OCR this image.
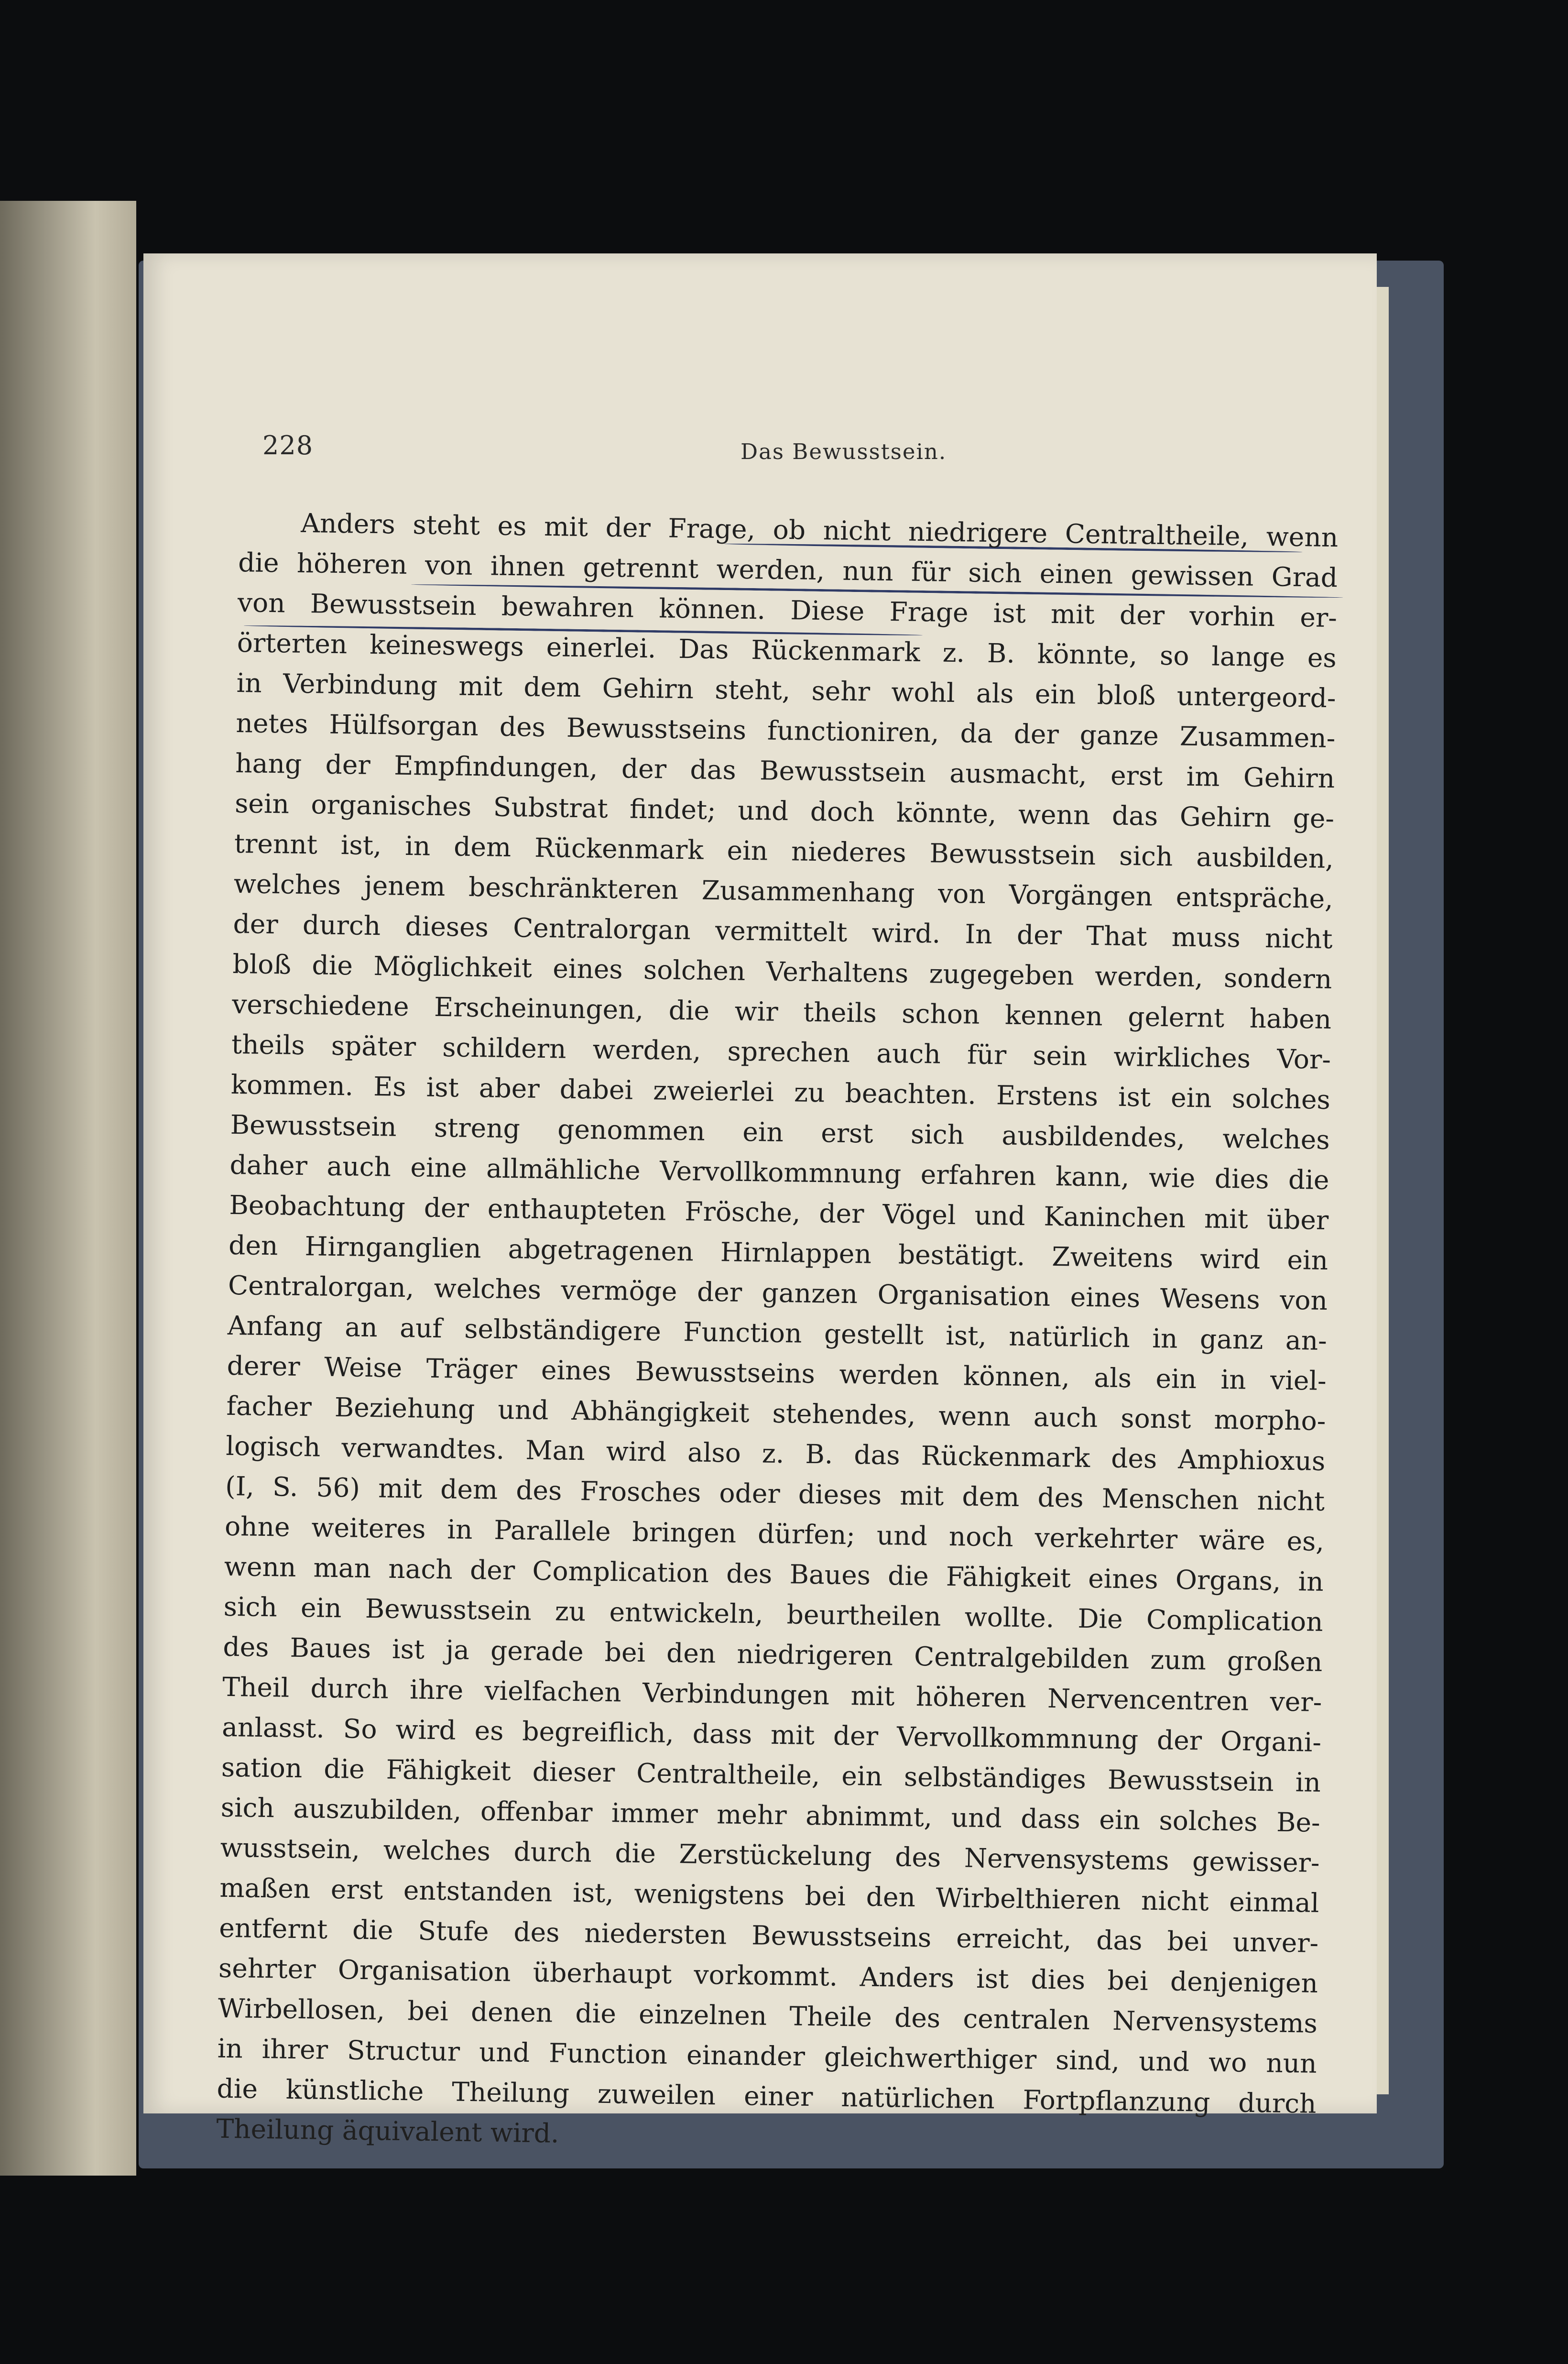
228	Das Bewusstsein.
Anders steht es mit der Frage, ob nicht niedrigere Centraltheile, wenn
die höheren von ihnen getrennt werden, nun für sich einen gewissen Grad
von Bewusstsein bewahren können. Diese Frage ist mit der vorhin er-
örterten keineswegs einerlei. Das Rückenmark z. B. könnte, so lange es
in Verbindung mit dem Gehirn steht, sehr wohl als ein bloß untergeord-
netes Hülfsorgan des Bewusstseins functioniren, da der ganze Zusammen-
hang der Empfindungen, der das Bewusstsein ausmacht, erst im Gehirn
sein organisches Substrat findet; und doch könnte, wenn das Gehirn ge-
trennt ist, in dem Rückenmark ein niederes Bewusstsein sich ausbilden,
welches jenem beschränkteren Zusammenhang von Vorgängen entspräche,
der durch dieses Centralorgan vermittelt wird. In der That muss nicht
bloß die Möglichkeit eines solchen Verhaltens zugegeben werden, sondern
verschiedene Erscheinungen, die wir theils schon kennen gelernt haben
theils später schildern werden, sprechen auch für sein wirkliches Vor-
kommen. Es ist aber dabei zweierlei zu beachten. Erstens ist ein solches
Bewusstsein streng genommen ein erst sich ausbildendes, welches
daher auch eine allmähliche Vervollkommnung erfahren kann, wie dies die
Beobachtung der enthaupteten Frösche, der Vögel und Kaninchen mit über
den Hirnganglien abgetragenen Hirnlappen bestätigt. Zweitens wird ein
Centralorgan, welches vermöge der ganzen Organisation eines Wesens von
Anfang an auf selbständigere Function gestellt ist, natürlich in ganz an-
derer Weise Träger eines Bewusstseins werden können, als ein in viel-
facher Beziehung und Abhängigkeit stehendes, wenn auch sonst morpho-
logisch verwandtes. Man wird also z. B. das Rückenmark des Amphioxus
(I, S. 56) mit dem des Frosches oder dieses mit dem des Menschen nicht
ohne weiteres in Parallele bringen dürfen; und noch verkehrter wäre es,
wenn man nach der Complication des Baues die Fähigkeit eines Organs, in
sich ein Bewusstsein zu entwickeln, beurtheilen wollte. Die Complication
des Baues ist ja gerade bei den niedrigeren Centralgebilden zum großen
Theil durch ihre vielfachen Verbindungen mit höheren Nervencentren ver-
anlasst. So wird es begreiflich, dass mit der Vervollkommnung der Organi-
sation die Fähigkeit dieser Centraltheile, ein selbständiges Bewusstsein in
sich auszubilden, offenbar immer mehr abnimmt, und dass ein solches Be-
wusstsein, welches durch die Zerstückelung des Nervensystems gewisser-
maßen erst entstanden ist, wenigstens bei den Wirbelthieren nicht einmal
entfernt die Stufe des niedersten Bewusstseins erreicht, das bei unver-
sehrter Organisation überhaupt vorkommt. Anders ist dies bei denjenigen
Wirbellosen, bei denen die einzelnen Theile des centralen Nervensystems
in ihrer Structur und Function einander gleichwerthiger sind, und wo nun
die künstliche Theilung zuweilen einer natürlichen Fortpflanzung durch
Theilung äquivalent wird.
